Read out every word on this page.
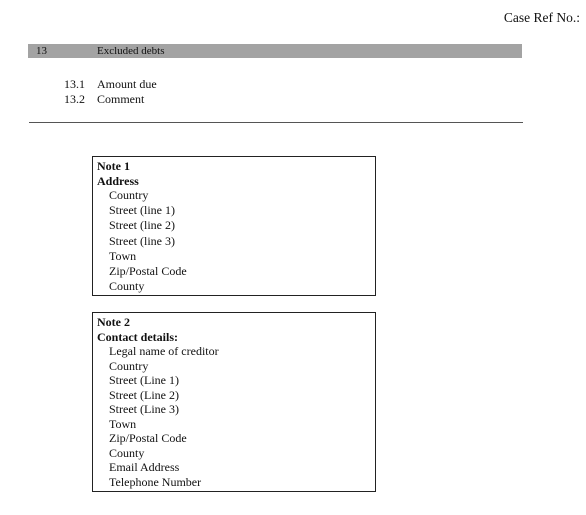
Case Ref No.:
13	Excluded debts
13.1	Amount due
13.2	Comment
Note 1
Address
Country
Street (line 1)
Street (line 2)
Street (line 3)
Town
Zip/Postal Code
County
Note 2
Contact details:
Legal name of creditor
Country
Street (Line 1)
Street (Line 2)
Street (Line 3)
Town
Zip/Postal Code
County
Email Address
Telephone Number
